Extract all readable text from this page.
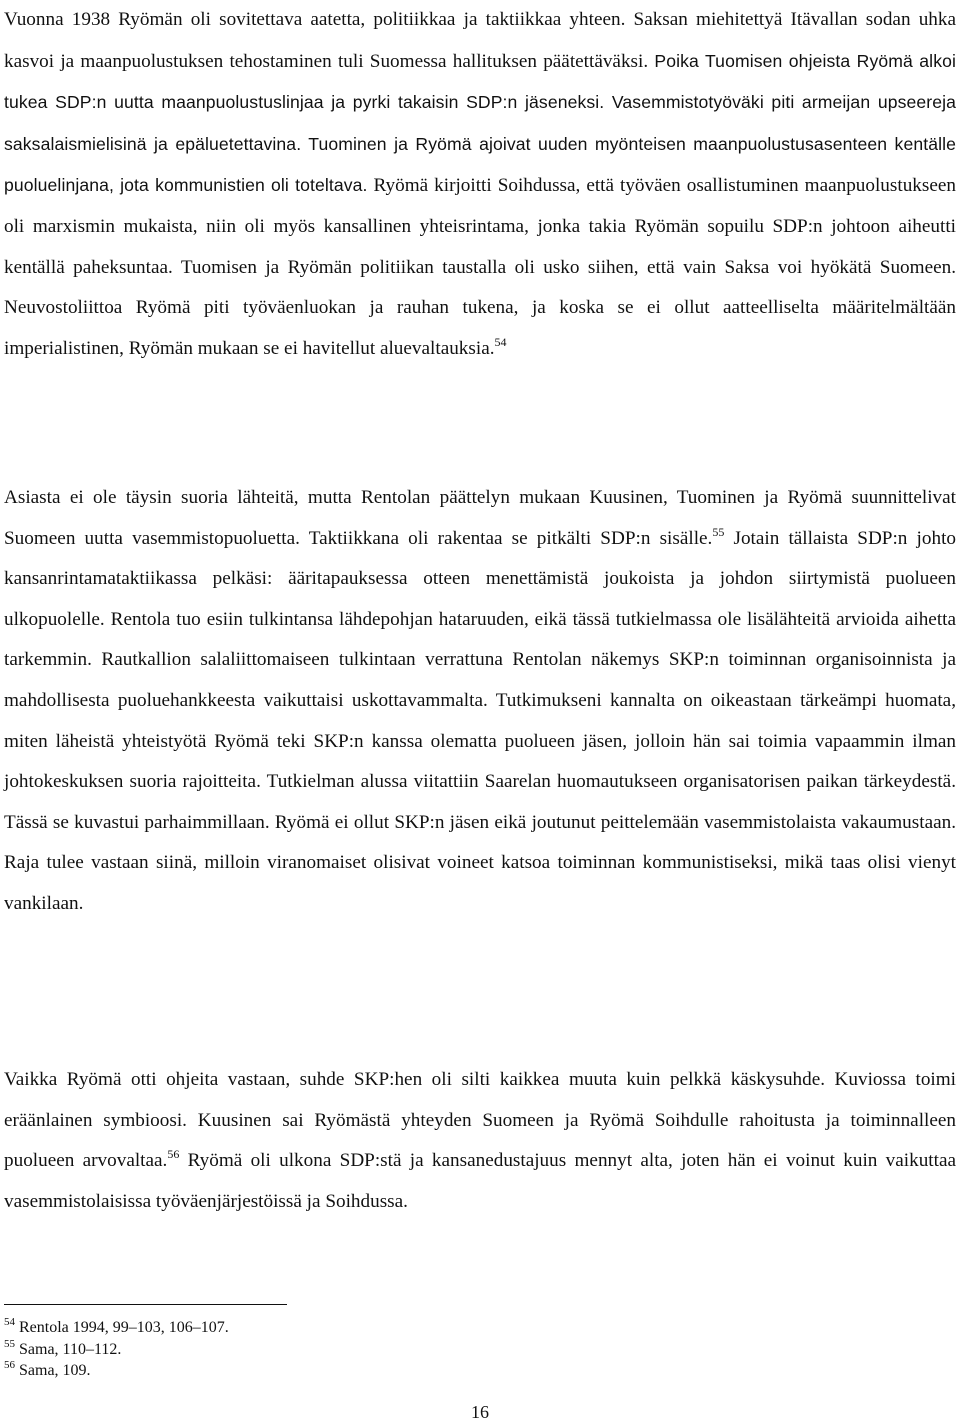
Vuonna 1938 Ryömän oli sovitettava aatetta, politiikkaa ja taktiikkaa yhteen. Saksan miehitettyä Itävallan sodan uhka kasvoi ja maanpuolustuksen tehostaminen tuli Suomessa hallituksen päätettäväksi. Poika Tuomisen ohjeista Ryömä alkoi tukea SDP:n uutta maanpuolustuslinjaa ja pyrki takaisin SDP:n jäseneksi. Vasemmistotyöväki piti armeijan upseereja saksalaismielisinä ja epäluetettavina. Tuominen ja Ryömä ajoivat uuden myönteisen maanpuolustusasenteen kentälle puoluelinjana, jota kommunistien oli toteltava. Ryömä kirjoitti Soihdussa, että työväen osallistuminen maanpuolustukseen oli marxismin mukaista, niin oli myös kansallinen yhteisrintama, jonka takia Ryömän sopuilu SDP:n johtoon aiheutti kentällä paheksuntaa. Tuomisen ja Ryömän politiikan taustalla oli usko siihen, että vain Saksa voi hyökätä Suomeen. Neuvostoliittoa Ryömä piti työväenluokan ja rauhan tukena, ja koska se ei ollut aatteelliselta määritelmältään imperialistinen, Ryömän mukaan se ei havitellut aluevaltauksia.$^{54}$
Asiasta ei ole täysin suoria lähteitä, mutta Rentolan päättelyn mukaan Kuusinen, Tuominen ja Ryömä suunnittelivat Suomeen uutta vasemmistopuoluetta. Taktiikkana oli rakentaa se pitkälti SDP:n sisälle.$^{55}$ Jotain tällaista SDP:n johto kansanrintamataktiikassa pelkäsi: ääritapauksessa otteen menettämistä joukoista ja johdon siirtymistä puolueen ulkopuolelle. Rentola tuo esiin tulkintansa lähdepohjan hataruuden, eikä tässä tutkielmassa ole lisälähteitä arvioida aihetta tarkemmin. Rautkallion salaliittomaiseen tulkintaan verrattuna Rentolan näkemys SKP:n toiminnan organisoinnista ja mahdollisesta puoluehankkeesta vaikuttaisi uskottavammalta. Tutkimukseni kannalta on oikeastaan tärkeämpi huomata, miten läheistä yhteistyötä Ryömä teki SKP:n kanssa olematta puolueen jäsen, jolloin hän sai toimia vapaammin ilman johtokeskuksen suoria rajoitteita. Tutkielman alussa viitattiin Saarelan huomautukseen organisatorisen paikan tärkeydestä. Tässä se kuvastui parhaimmillaan. Ryömä ei ollut SKP:n jäsen eikä joutunut peittelemään vasemmistolaista vakaumustaan. Raja tulee vastaan siinä, milloin viranomaiset olisivat voineet katsoa toiminnan kommunistiseksi, mikä taas olisi vienyt vankilaan.
Vaikka Ryömä otti ohjeita vastaan, suhde SKP:hen oli silti kaikkea muuta kuin pelkkä käskysuhde. Kuviossa toimi eräänlainen symbioosi. Kuusinen sai Ryömästä yhteyden Suomeen ja Ryömä Soihdulle rahoitusta ja toiminnalleen puolueen arvovaltaa.$^{56}$ Ryömä oli ulkona SDP:stä ja kansanedustajuus mennyt alta, joten hän ei voinut kuin vaikuttaa vasemmistolaisissa työväenjärjestöissä ja Soihdussa.
$^{54}$ Rentola 1994, 99–103, 106–107.
$^{55}$ Sama, 110–112.
$^{56}$ Sama, 109.
16
